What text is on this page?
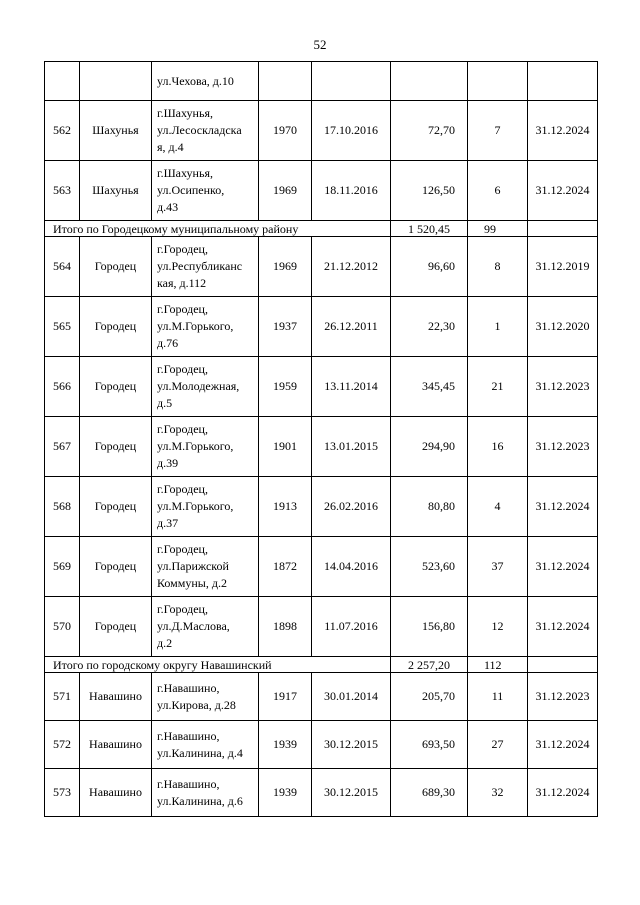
52

		ул.Чехова, д.10					

562	Шахунья	г.Шахунья,
ул.Лесоскладска
я, д.4	1970	17.10.2016	72,70	7	31.12.2024
563	Шахунья	г.Шахунья,
ул.Осипенко,
д.43	1969	18.11.2016	126,50	6	31.12.2024
Итого по Городецкому муниципальному району					1 520,45	99	
564	Городец	г.Городец,
ул.Республиканс
кая, д.112	1969	21.12.2012	96,60	8	31.12.2019
565	Городец	г.Городец,
ул.М.Горького,
д.76	1937	26.12.2011	22,30	1	31.12.2020
566	Городец	г.Городец,
ул.Молодежная,
д.5	1959	13.11.2014	345,45	21	31.12.2023
567	Городец	г.Городец,
ул.М.Горького,
д.39	1901	13.01.2015	294,90	16	31.12.2023
568	Городец	г.Городец,
ул.М.Горького,
д.37	1913	26.02.2016	80,80	4	31.12.2024
569	Городец	г.Городец,
ул.Парижской
Коммуны, д.2	1872	14.04.2016	523,60	37	31.12.2024
570	Городец	г.Городец,
ул.Д.Маслова,
д.2	1898	11.07.2016	156,80	12	31.12.2024
Итого по городскому округу Навашинский					2 257,20	112	
571	Навашино	г.Навашино,
ул.Кирова, д.28	1917	30.01.2014	205,70	11	31.12.2023
572	Навашино	г.Навашино,
ул.Калинина, д.4	1939	30.12.2015	693,50	27	31.12.2024
573	Навашино	г.Навашино,
ул.Калинина, д.6	1939	30.12.2015	689,30	32	31.12.2024
